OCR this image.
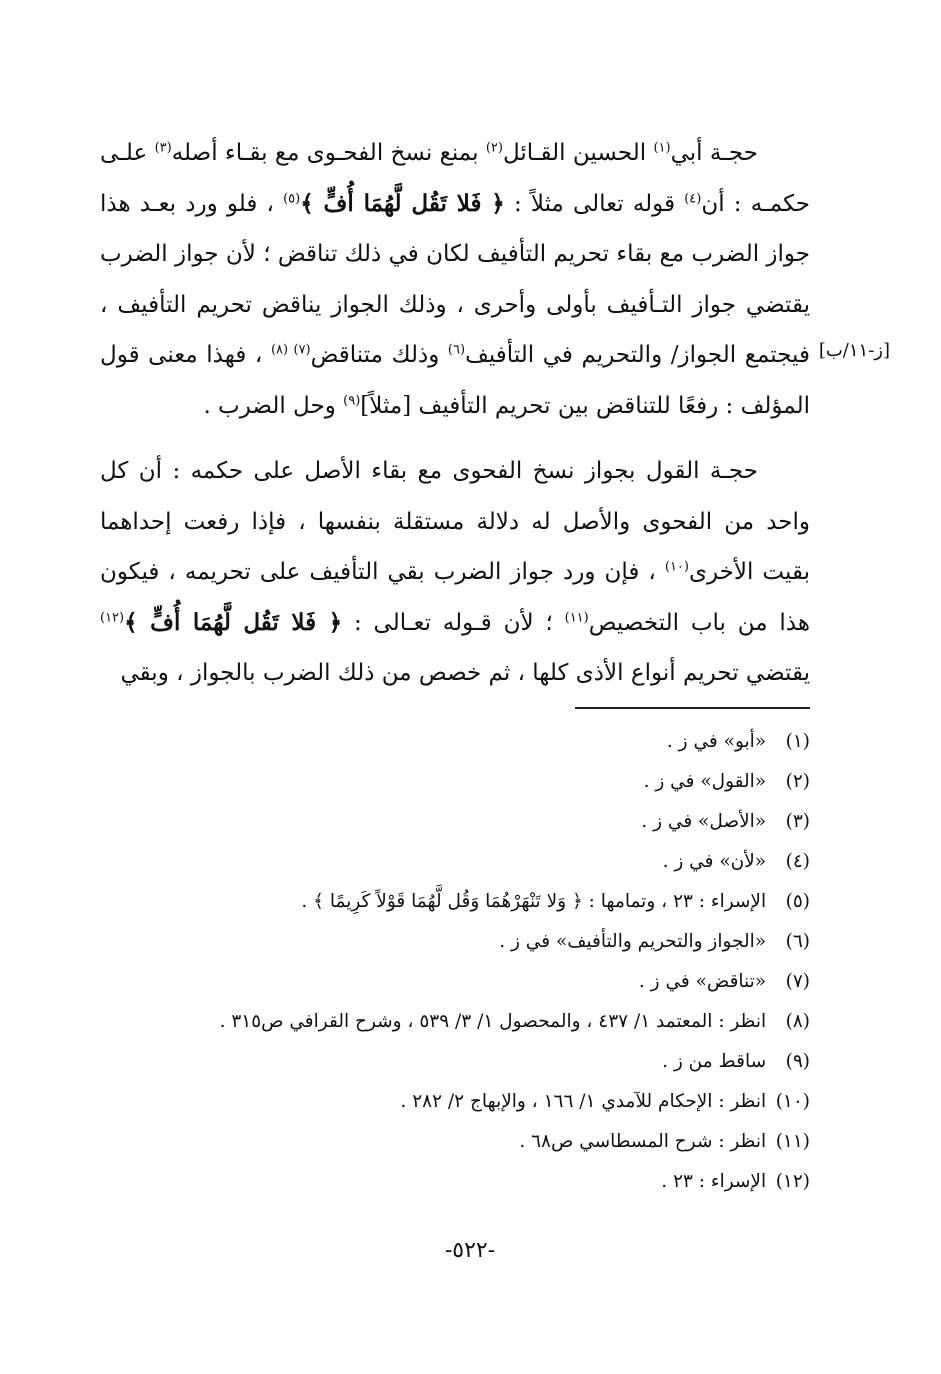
[ز-١١/ب]

حجـة أبي$^{(١)}$ الحسين القـائل$^{(٢)}$ بمنع نسخ الفحـوى مع بقـاء أصله$^{(٣)}$ علـى حكمـه : أن$^{(٤)}$ قوله تعالى مثلاً : ﴿ فَلا تَقُل لَّهُمَا أُفٍّ ﴾$^{(٥)}$ ، فلو ورد بعـد هذا جواز الضرب مع بقاء تحريم التأفيف لكان في ذلك تناقض ؛ لأن جواز الضرب يقتضي جواز التـأفيف بأولى وأحرى ، وذلك الجواز يناقض تحريم التأفيف ، فيجتمع الجواز/ والتحريم في التأفيف$^{(٦)}$ وذلك متناقض$^{(٧)}$ $^{(٨)}$ ، فهذا معنى قول المؤلف : رفعًا للتناقض بين تحريم التأفيف [مثلاً]$^{(٩)}$ وحل الضرب .

حجـة القول بجواز نسخ الفحوى مع بقاء الأصل على حكمه : أن كل واحد من الفحوى والأصل له دلالة مستقلة بنفسها ، فإذا رفعت إحداهما بقيت الأخرى$^{(١٠)}$ ، فإن ورد جواز الضرب بقي التأفيف على تحريمه ، فيكون هذا من باب التخصيص$^{(١١)}$ ؛ لأن قـوله تعـالى : ﴿ فَلا تَقُل لَّهُمَا أُفٍّ ﴾$^{(١٢)}$ يقتضي تحريم أنواع الأذى كلها ، ثم خصص من ذلك الضرب بالجواز ، وبقي

(١) «أبو» في ز .
(٢) «القول» في ز .
(٣) «الأصل» في ز .
(٤) «لأن» في ز .
(٥) الإسراء : ٢٣ ، وتمامها : ﴿ وَلا تَنْهَرْهُمَا وَقُل لَّهُمَا قَوْلاً كَرِيمًا ﴾ .
(٦) «الجواز والتحريم والتأفيف» في ز .
(٧) «تناقض» في ز .
(٨) انظر : المعتمد ١/ ٤٣٧ ، والمحصول ١/ ٣/ ٥٣٩ ، وشرح القرافي ص٣١٥ .
(٩) ساقط من ز .
(١٠) انظر : الإحكام للآمدي ١/ ١٦٦ ، والإبهاج ٢/ ٢٨٢ .
(١١) انظر : شرح المسطاسي ص٦٨ .
(١٢) الإسراء : ٢٣ .
-٥٢٢-
